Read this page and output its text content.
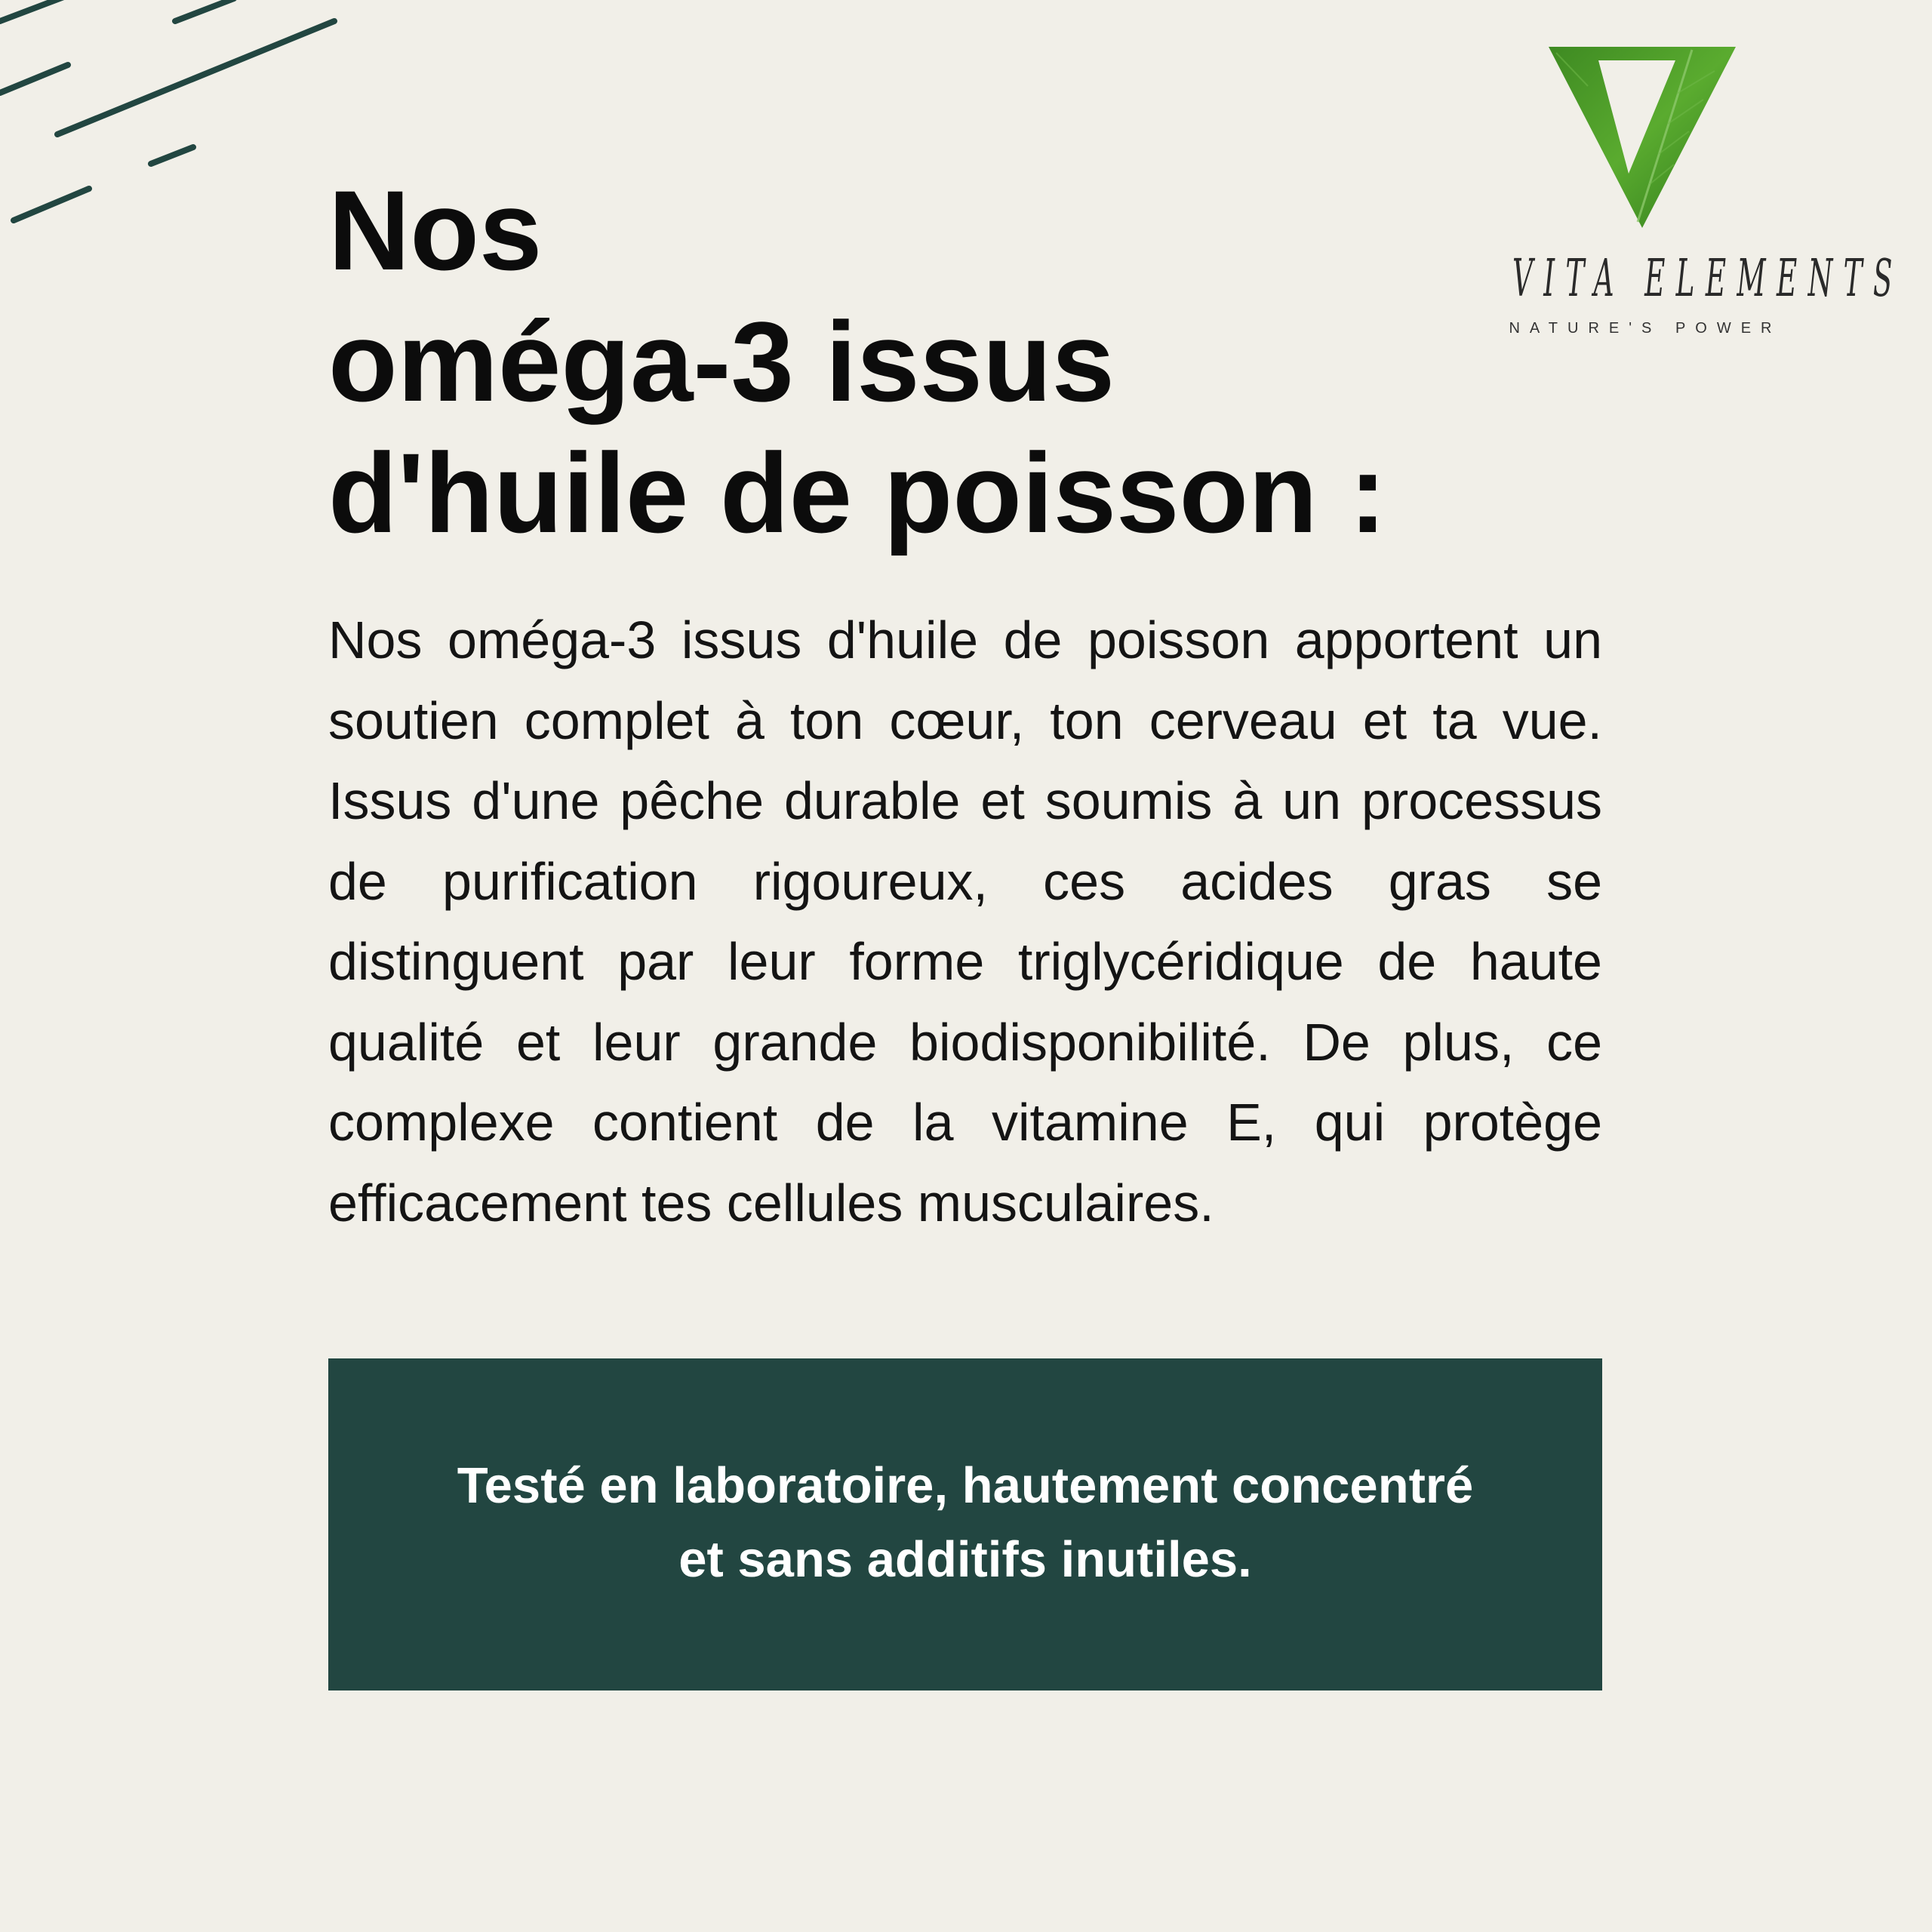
VITA ELEMENTS
NATURE'S POWER
Nos
oméga-3 issus
d'huile de poisson :

Nos oméga-3 issus d'huile de poisson apportent un soutien complet à ton cœur, ton cerveau et ta vue. Issus d'une pêche durable et soumis à un processus de purification rigoureux, ces acides gras se distinguent par leur forme triglycéridique de haute qualité et leur grande biodisponibilité. De plus, ce complexe contient de la vitamine E, qui protège efficacement tes cellules musculaires.

Testé en laboratoire, hautement concentré
et sans additifs inutiles.
